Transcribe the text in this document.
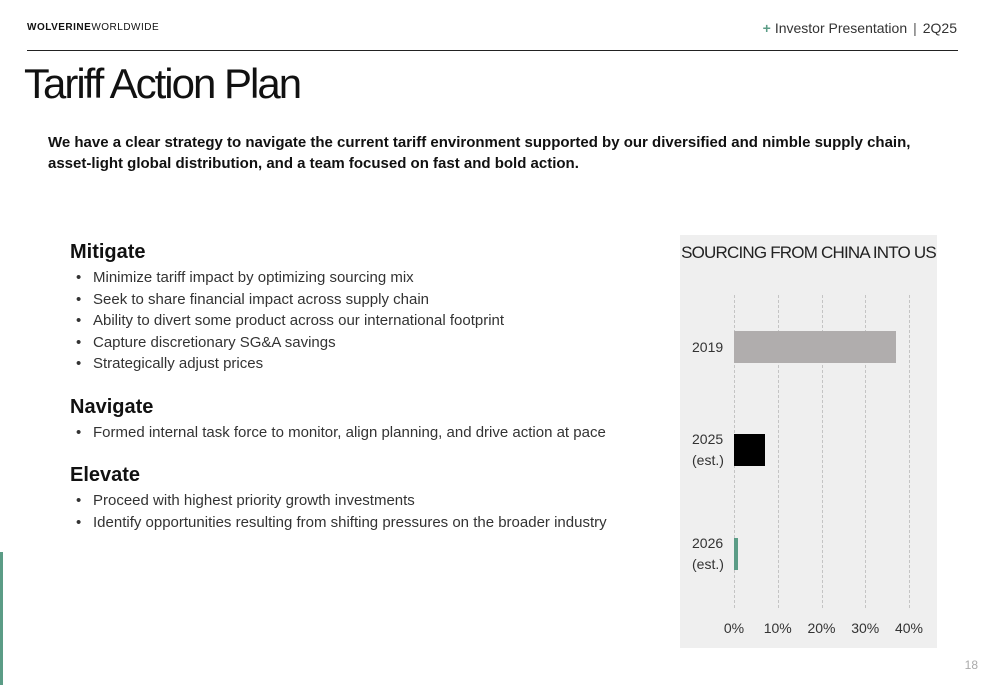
WOLVERINEWORLDWIDE	+ Investor Presentation | 2Q25
Tariff Action Plan

We have a clear strategy to navigate the current tariff environment supported by our diversified and nimble supply chain, asset-light global distribution, and a team focused on fast and bold action.

Mitigate
• Minimize tariff impact by optimizing sourcing mix
• Seek to share financial impact across supply chain
• Ability to divert some product across our international footprint
• Capture discretionary SG&A savings
• Strategically adjust prices
Navigate
• Formed internal task force to monitor, align planning, and drive action at pace
Elevate
• Proceed with highest priority growth investments
• Identify opportunities resulting from shifting pressures on the broader industry
SOURCING FROM CHINA INTO US
0% 10% 20% 30% 40%
2019
2025
(est.)
2026
(est.)
18
